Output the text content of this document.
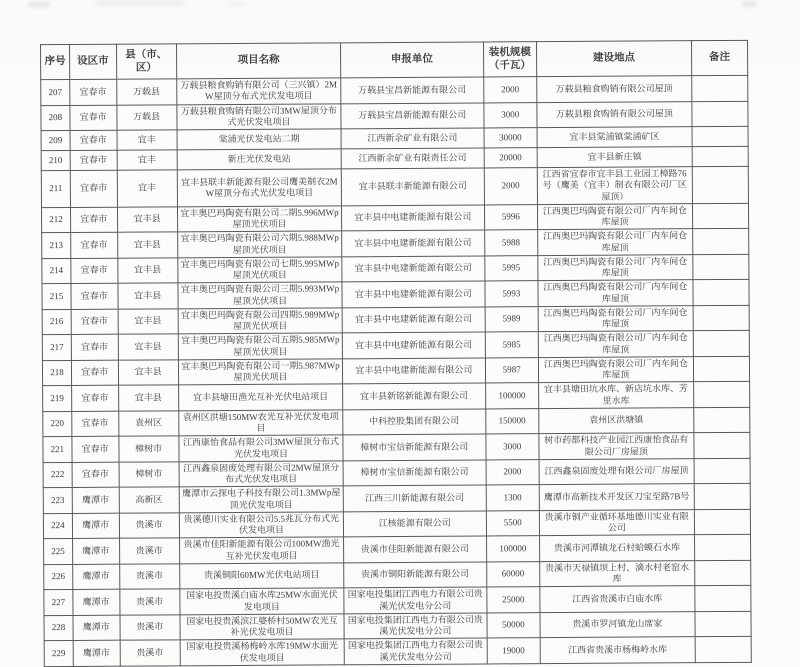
序号	设区市	县（市、区）	项目名称	申报单位	装机规模（千瓦）	建设地点	备注
207	宜春市	万载县	万载县粮食购销有限公司（三兴镇）2MW屋顶分布式光伏发电项目	万载县宝昌新能源有限公司	2000	万载县粮食购销有限公司屋顶	
208	宜春市	万载县	万载县粮食购销有限公司3MW屋顶分布式光伏发电项目	万载县宝昌新能源有限公司	3000	万载县粮食购销有限公司屋顶	
209	宜春市	宜丰	棠浦光伏发电站二期	江西新余矿业有限公司	30000	宜丰县棠浦镇棠浦矿区	
210	宜春市	宜丰	新庄光伏发电站	江西新余矿业有限责任公司	20000	宜丰县新庄镇	
211	宜春市	宜丰	宜丰县联丰新能源有限公司鹰美制衣2MW屋顶分布式光伏发电项目	宜丰县联丰新能源有限公司	2000	江西省宜春市宜丰县工业园工樟路76号（鹰美（宜丰）制衣有限公司厂区屋顶）	
212	宜春市	宜丰县	宜丰奥巴玛陶瓷有限公司二期5.996MWp屋顶光伏项目	宜丰县中电建新能源有限公司	5996	江西奥巴玛陶瓷有限公司厂内车间仓库屋顶	
213	宜春市	宜丰县	宜丰奥巴玛陶瓷有限公司六期5.988MWp屋顶光伏项目	宜丰县中电建新能源有限公司	5988	江西奥巴玛陶瓷有限公司厂内车间仓库屋顶	
214	宜春市	宜丰县	宜丰奥巴玛陶瓷有限公司七期5.995MWp屋顶光伏项目	宜丰县中电建新能源有限公司	5995	江西奥巴玛陶瓷有限公司厂内车间仓库屋顶	
215	宜春市	宜丰县	宜丰奥巴玛陶瓷有限公司三期5.993MWp屋顶光伏项目	宜丰县中电建新能源有限公司	5993	江西奥巴玛陶瓷有限公司厂内车间仓库屋顶	
216	宜春市	宜丰县	宜丰奥巴玛陶瓷有限公司四期5.989MWp屋顶光伏项目	宜丰县中电建新能源有限公司	5989	江西奥巴玛陶瓷有限公司厂内车间仓库屋顶	
217	宜春市	宜丰县	宜丰奥巴玛陶瓷有限公司五期5.985MWp屋顶光伏项目	宜丰县中电建新能源有限公司	5985	江西奥巴玛陶瓷有限公司厂内车间仓库屋顶	
218	宜春市	宜丰县	宜丰奥巴玛陶瓷有限公司一期5.987MWp屋顶光伏项目	宜丰县中电建新能源有限公司	5987	江西奥巴玛陶瓷有限公司厂内车间仓库屋顶	
219	宜春市	宜丰县	宜丰县塘田渔光互补光伏电站项目	宜丰县新铭新能源有限公司	100000	宜丰县塘田坑水库、新店坑水库、芳里水库	
220	宜春市	袁州区	袁州区洪塘150MW农光互补光伏发电项目	中科控股集团有限公司	150000	袁州区洪塘镇	
221	宜春市	樟树市	江西康怡食品有限公司3MW屋顶分布式光伏发电项目	樟树市宝信新能源有限公司	3000	树市药都科技产业园江西康怡食品有限公司厂房屋顶	
222	宜春市	樟树市	江西鑫泉固废处理有限公司2MW屋顶分布式光伏发电项目	樟树市宝信新能源有限公司	2000	江西鑫泉固废处理有限公司厂房屋顶	
223	鹰潭市	高新区	鹰潭市云探电子科技有限公司1.3MWp屋顶光伏发电项目	江西三川新能源有限公司	1300	鹰潭市高新技术开发区刀宝至路7B号	
224	鹰潭市	贵溪市	贵溪德川实业有限公司5.5兆瓦分布式光伏发电项目	江核能源有限公司	5500	贵溪市铜产业循环基地德川实业有限公司	
225	鹰潭市	贵溪市	贵溪市佳阳新能源有限公司100MW渔光互补光伏发电项目	贵溪市佳阳新能源有限公司	100000	贵溪市河潭镇龙石村蛤蟆石水库	
226	鹰潭市	贵溪市	贵溪铜阳60MW光伏电站项目	贵溪市铜阳新能源有限公司	60000	贵溪市天禄镇坝上村、滴水村老窑水库	
227	鹰潭市	贵溪市	国家电投贵溪白庙水库25MW水面光伏发电项目	国家电投集团江西电力有限公司贵溪光伏发电分公司	25000	江西省贵溪市白庙水库	
228	鹰潭市	贵溪市	国家电投贵溪滨江婆桥村50MW农光互补光伏发电项目	国家电投集团江西电力有限公司贵溪光伏发电分公司	50000	贵溪市罗河镇龙山席家	
229	鹰潭市	贵溪市	国家电投贵溪杨梅岭水库19MW水面光伏发电项目	国家电投集团江西电力有限公司贵溪光伏发电分公司	19000	江西省贵溪市杨梅岭水库	
